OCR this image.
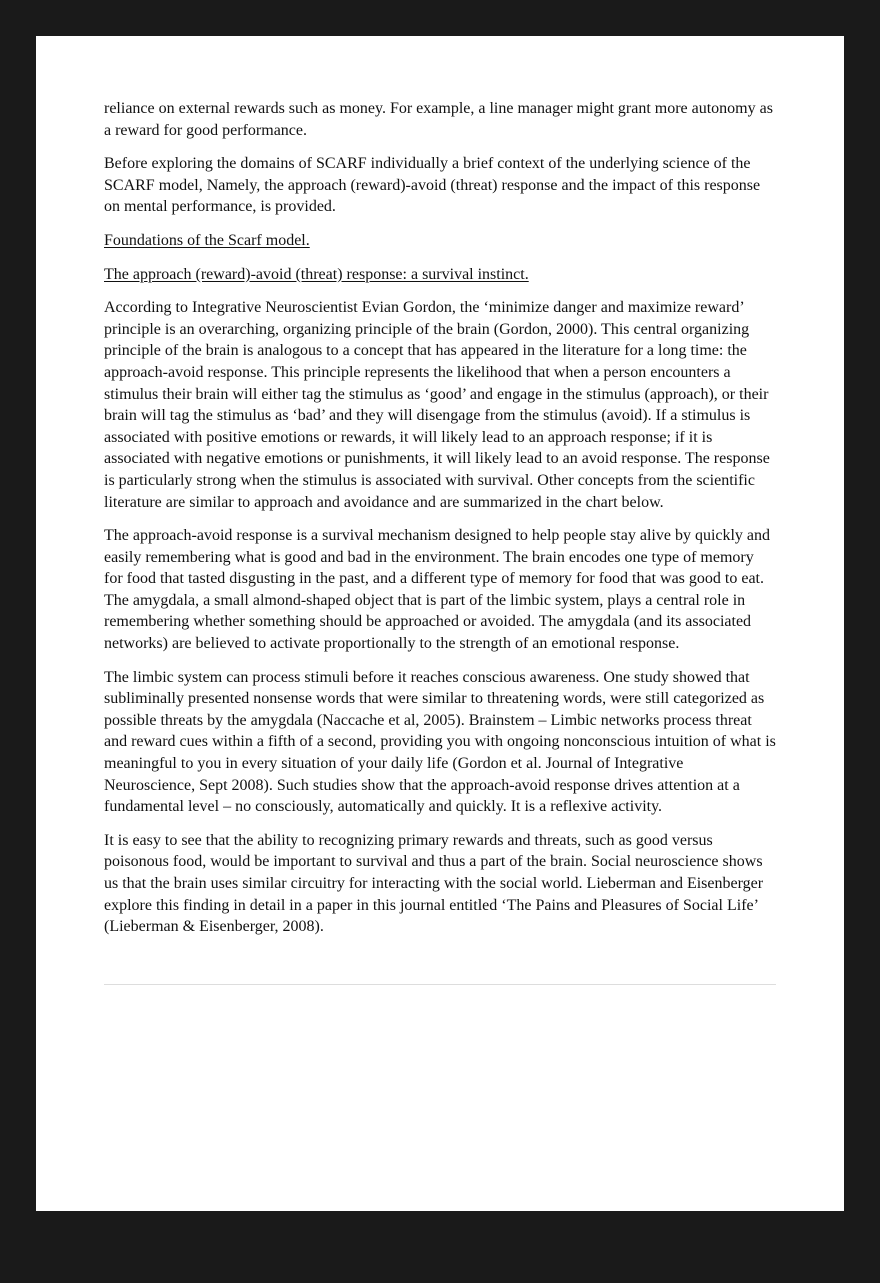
reliance on external rewards such as money. For example, a line manager might grant more autonomy as a reward for good performance.

Before exploring the domains of SCARF individually a brief context of the underlying science of the SCARF model, Namely, the approach (reward)-avoid (threat) response and the impact of this response on mental performance, is provided.

Foundations of the Scarf model.

The approach (reward)-avoid (threat) response: a survival instinct.

According to Integrative Neuroscientist Evian Gordon, the ‘minimize danger and maximize reward’ principle is an overarching, organizing principle of the brain (Gordon, 2000). This central organizing principle of the brain is analogous to a concept that has appeared in the literature for a long time: the approach-avoid response. This principle represents the likelihood that when a person encounters a stimulus their brain will either tag the stimulus as ‘good’ and engage in the stimulus (approach), or their brain will tag the stimulus as ‘bad’ and they will disengage from the stimulus (avoid). If a stimulus is associated with positive emotions or rewards, it will likely lead to an approach response; if it is associated with negative emotions or punishments, it will likely lead to an avoid response. The response is particularly strong when the stimulus is associated with survival. Other concepts from the scientific literature are similar to approach and avoidance and are summarized in the chart below.

The approach-avoid response is a survival mechanism designed to help people stay alive by quickly and easily remembering what is good and bad in the environment. The brain encodes one type of memory for food that tasted disgusting in the past, and a different type of memory for food that was good to eat. The amygdala, a small almond-shaped object that is part of the limbic system, plays a central role in remembering whether something should be approached or avoided. The amygdala (and its associated networks) are believed to activate proportionally to the strength of an emotional response.

The limbic system can process stimuli before it reaches conscious awareness. One study showed that subliminally presented nonsense words that were similar to threatening words, were still categorized as possible threats by the amygdala (Naccache et al, 2005). Brainstem – Limbic networks process threat and reward cues within a fifth of a second, providing you with ongoing nonconscious intuition of what is meaningful to you in every situation of your daily life (Gordon et al. Journal of Integrative Neuroscience, Sept 2008). Such studies show that the approach-avoid response drives attention at a fundamental level – no consciously, automatically and quickly. It is a reflexive activity.

It is easy to see that the ability to recognizing primary rewards and threats, such as good versus poisonous food, would be important to survival and thus a part of the brain. Social neuroscience shows us that the brain uses similar circuitry for interacting with the social world. Lieberman and Eisenberger explore this finding in detail in a paper in this journal entitled ‘The Pains and Pleasures of Social Life’ (Lieberman & Eisenberger, 2008).
